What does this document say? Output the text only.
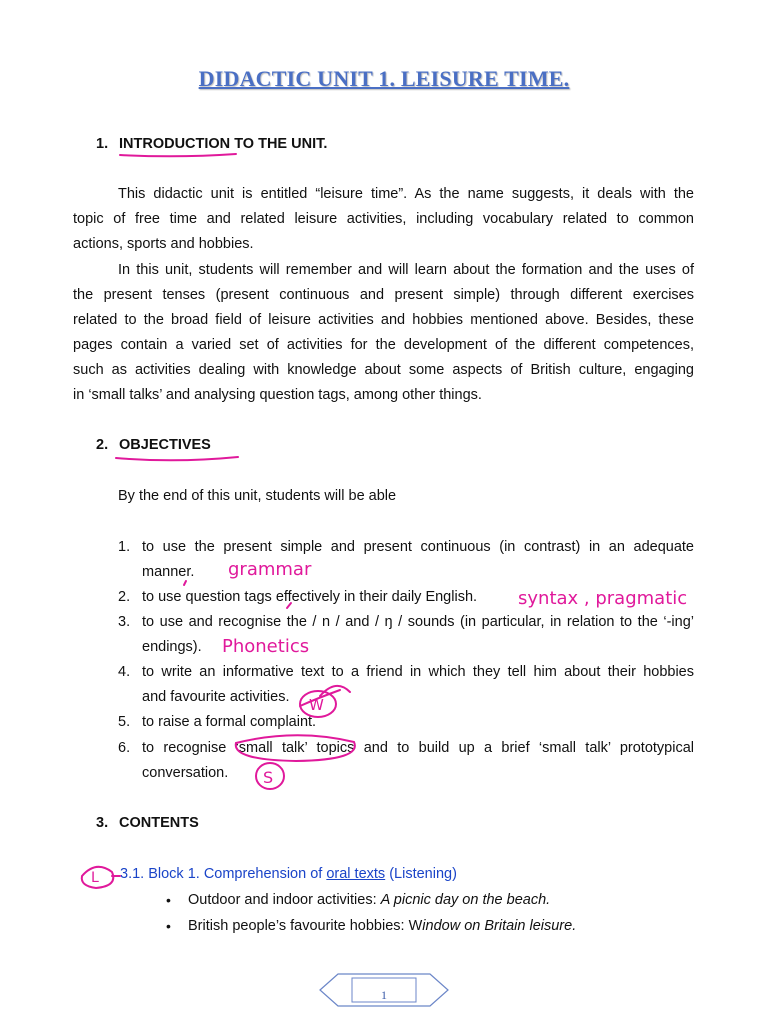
DIDACTIC UNIT 1. LEISURE TIME.
1. INTRODUCTION TO THE UNIT.
This didactic unit is entitled “leisure time”. As the name suggests, it deals with the
topic of free time and related leisure activities, including vocabulary related to common
actions, sports and hobbies.
In this unit, students will remember and will learn about the formation and the uses of
the present tenses (present continuous and present simple) through different exercises
related to the broad field of leisure activities and hobbies mentioned above. Besides, these
pages contain a varied set of activities for the development of the different competences,
such as activities dealing with knowledge about some aspects of British culture, engaging
in ‘small talks’ and analysing question tags, among other things.
2. OBJECTIVES
By the end of this unit, students will be able
1. to use the present simple and present continuous (in contrast) in an adequate
manner.
2. to use question tags effectively in their daily English.
3. to use and recognise the / n / and / ŋ / sounds (in particular, in relation to the ‘-ing’
endings).
4. to write an informative text to a friend in which they tell him about their hobbies
and favourite activities.
5. to raise a formal complaint.
6. to recognise ‘small talk’ topics and to build up a brief ‘small talk’ prototypical
conversation.
3. CONTENTS
3.1. Block 1. Comprehension of oral texts (Listening)
• Outdoor and indoor activities: A picnic day on the beach.
• British people’s favourite hobbies: Window on Britain leisure.
grammar
syntax , pragmatic
Phonetics
W
S
L
1
